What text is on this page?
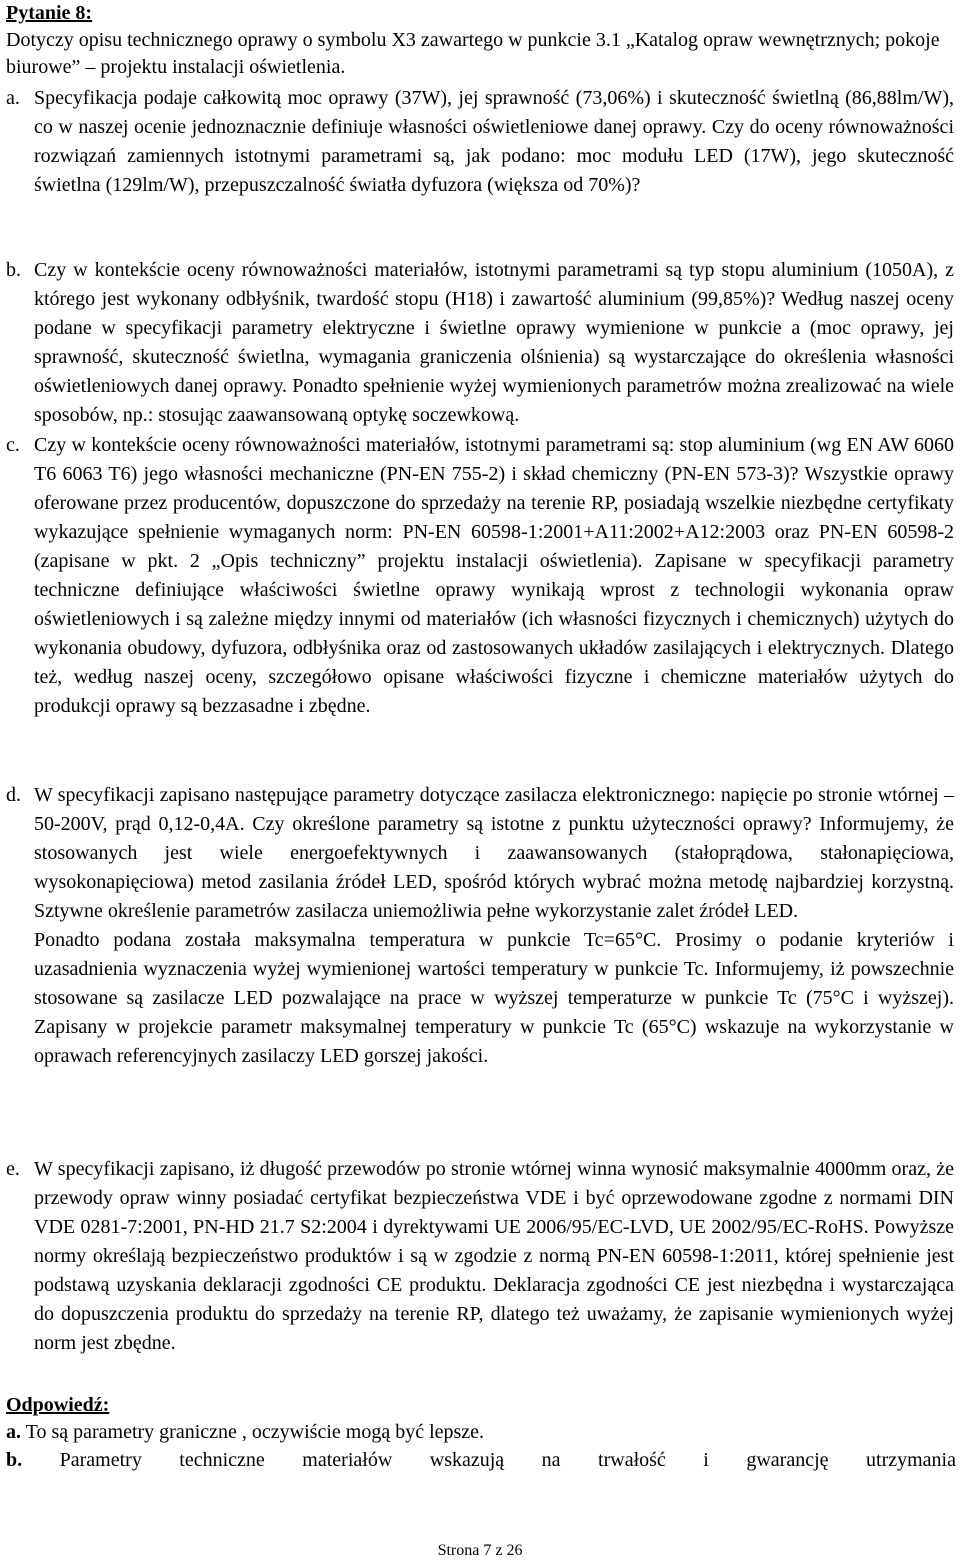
Pytanie 8:

Dotyczy opisu technicznego oprawy o symbolu X3 zawartego w punkcie 3.1 „Katalog opraw wewnętrznych; pokoje biurowe” – projektu instalacji oświetlenia.

a. Specyfikacja podaje całkowitą moc oprawy (37W), jej sprawność (73,06%) i skuteczność świetlną (86,88lm/W), co w naszej ocenie jednoznacznie definiuje własności oświetleniowe danej oprawy. Czy do oceny równoważności rozwiązań zamiennych istotnymi parametrami są, jak podano: moc modułu LED (17W), jego skuteczność świetlna (129lm/W), przepuszczalność światła dyfuzora (większa od 70%)?

b. Czy w kontekście oceny równoważności materiałów, istotnymi parametrami są typ stopu aluminium (1050A), z którego jest wykonany odbłyśnik, twardość stopu (H18) i zawartość aluminium (99,85%)? Według naszej oceny podane w specyfikacji parametry elektryczne i świetlne oprawy wymienione w punkcie a (moc oprawy, jej sprawność, skuteczność świetlna, wymagania graniczenia olśnienia) są wystarczające do określenia własności oświetleniowych danej oprawy. Ponadto spełnienie wyżej wymienionych parametrów można zrealizować na wiele sposobów, np.: stosując zaawansowaną optykę soczewkową.

c. Czy w kontekście oceny równoważności materiałów, istotnymi parametrami są: stop aluminium (wg EN AW 6060 T6 6063 T6) jego własności mechaniczne (PN-EN 755-2) i skład chemiczny (PN-EN 573-3)? Wszystkie oprawy oferowane przez producentów, dopuszczone do sprzedaży na terenie RP, posiadają wszelkie niezbędne certyfikaty wykazujące spełnienie wymaganych norm: PN-EN 60598-1:2001+A11:2002+A12:2003 oraz PN-EN 60598-2 (zapisane w pkt. 2 „Opis techniczny” projektu instalacji oświetlenia). Zapisane w specyfikacji parametry techniczne definiujące właściwości świetlne oprawy wynikają wprost z technologii wykonania opraw oświetleniowych i są zależne między innymi od materiałów (ich własności fizycznych i chemicznych) użytych do wykonania obudowy, dyfuzora, odbłyśnika oraz od zastosowanych układów zasilających i elektrycznych. Dlatego też, według naszej oceny, szczegółowo opisane właściwości fizyczne i chemiczne materiałów użytych do produkcji oprawy są bezzasadne i zbędne.

d. W specyfikacji zapisano następujące parametry dotyczące zasilacza elektronicznego: napięcie po stronie wtórnej – 50-200V, prąd 0,12-0,4A. Czy określone parametry są istotne z punktu użyteczności oprawy? Informujemy, że stosowanych jest wiele energoefektywnych i zaawansowanych (stałoprądowa, stałonapięciowa, wysokonapięciowa) metod zasilania źródeł LED, spośród których wybrać można metodę najbardziej korzystną. Sztywne określenie parametrów zasilacza uniemożliwia pełne wykorzystanie zalet źródeł LED.

Ponadto podana została maksymalna temperatura w punkcie Tc=65°C. Prosimy o podanie kryteriów i uzasadnienia wyznaczenia wyżej wymienionej wartości temperatury w punkcie Tc. Informujemy, iż powszechnie stosowane są zasilacze LED pozwalające na prace w wyższej temperaturze w punkcie Tc (75°C i wyższej). Zapisany w projekcie parametr maksymalnej temperatury w punkcie Tc (65°C) wskazuje na wykorzystanie w oprawach referencyjnych zasilaczy LED gorszej jakości.

e. W specyfikacji zapisano, iż długość przewodów po stronie wtórnej winna wynosić maksymalnie 4000mm oraz, że przewody opraw winny posiadać certyfikat bezpieczeństwa VDE i być oprzewodowane zgodne z normami DIN VDE 0281-7:2001, PN-HD 21.7 S2:2004 i dyrektywami UE 2006/95/EC-LVD, UE 2002/95/EC-RoHS. Powyższe normy określają bezpieczeństwo produktów i są w zgodzie z normą PN-EN 60598-1:2011, której spełnienie jest podstawą uzyskania deklaracji zgodności CE produktu. Deklaracja zgodności CE jest niezbędna i wystarczająca do dopuszczenia produktu do sprzedaży na terenie RP, dlatego też uważamy, że zapisanie wymienionych wyżej norm jest zbędne.

Odpowiedź:
a. To są parametry graniczne , oczywiście mogą być lepsze.
b. Parametry techniczne materiałów wskazują na trwałość i gwarancję utrzymania
Strona 7 z 26
